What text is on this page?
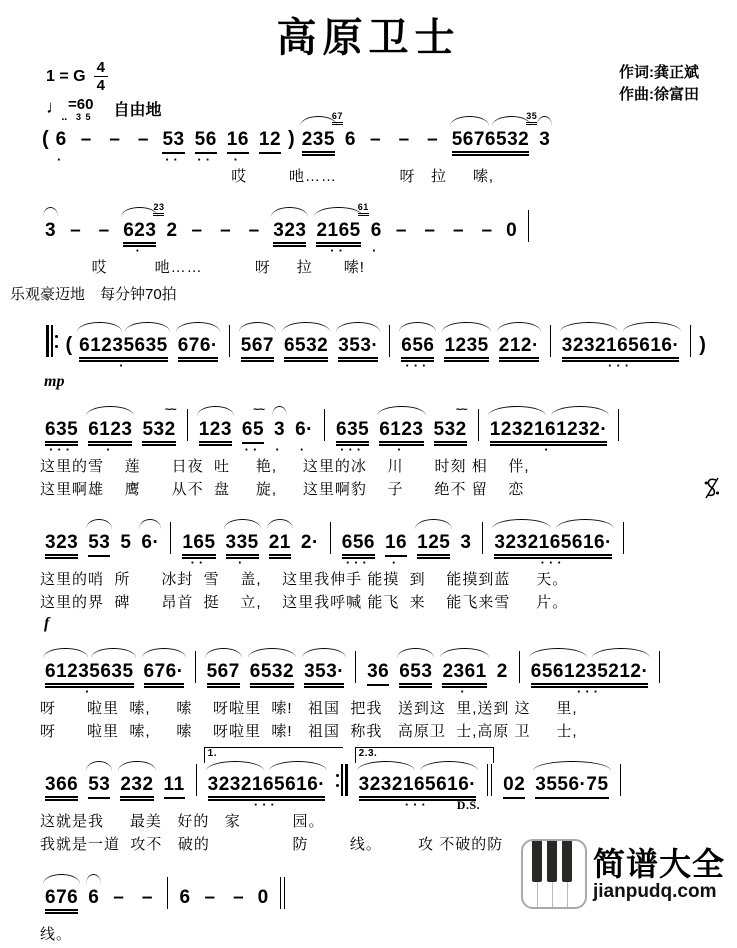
高原卫士
作词:龚正斌
作曲:徐富田
1 = G $\frac{4}{4}$
♩ =60
3 5 自由地
( 6
··
·
– – – 53
··
56
··
16
·
12 ) 235 6
67
– – – 5676532 3
35
哎　     吔……　         呀   拉     嗦,
3 – – 623
·
2
23
– – – 323 2165
··
6
61
·
– – – – 0
哎　      吔……　       呀     拉      嗦!
乐观豪迈地　每分钟70拍
( 61235635
·
676· 567 6532 353· 656
···
1235 212· 3232165616·
···
)
mp
635
···
6123
·
532
~~
123 65
~~
··
3
·
6·
·
635
···
6123
·
532
~~
1232161232·
·
这里的雪    莲      日夜  吐     艳,     这里的冰    川      时刻 相    伴,
这里啊雄    鹰      从不  盘     旋,     这里啊豹    子      绝不 留    恋
323 53 5 6· 165
··
335
·
21 2· 656
···
16
·
125 3 3232165616·
···
这里的哨  所      冰封  雪    盖,    这里我伸手 能摸  到    能摸到蓝     天。
这里的界  碑      昂首  挺    立,    这里我呼喊 能飞  来    能飞来雪     片。
f
61235635
·
676· 567 6532 353· 36 653 2361
·
2 6561235212·
···
呀      啦里  嗦,     嗦    呀啦里  嗦!   祖国  把我   送到这  里,送到 这     里,
呀      啦里  嗦,     嗦    呀啦里  嗦!   祖国  称我   高原卫  士,高原 卫     士,
366 53 232 11 3232165616·
···
1.
3232165616·
···
2.3.
D.S.
02 3556·75
这就是我     最美   好的   家          园。
我就是一道  攻不   破的                防        线。       攻 不破的防
676 6 – – 6 – – 0
线。
简谱大全
jianpudq.com
